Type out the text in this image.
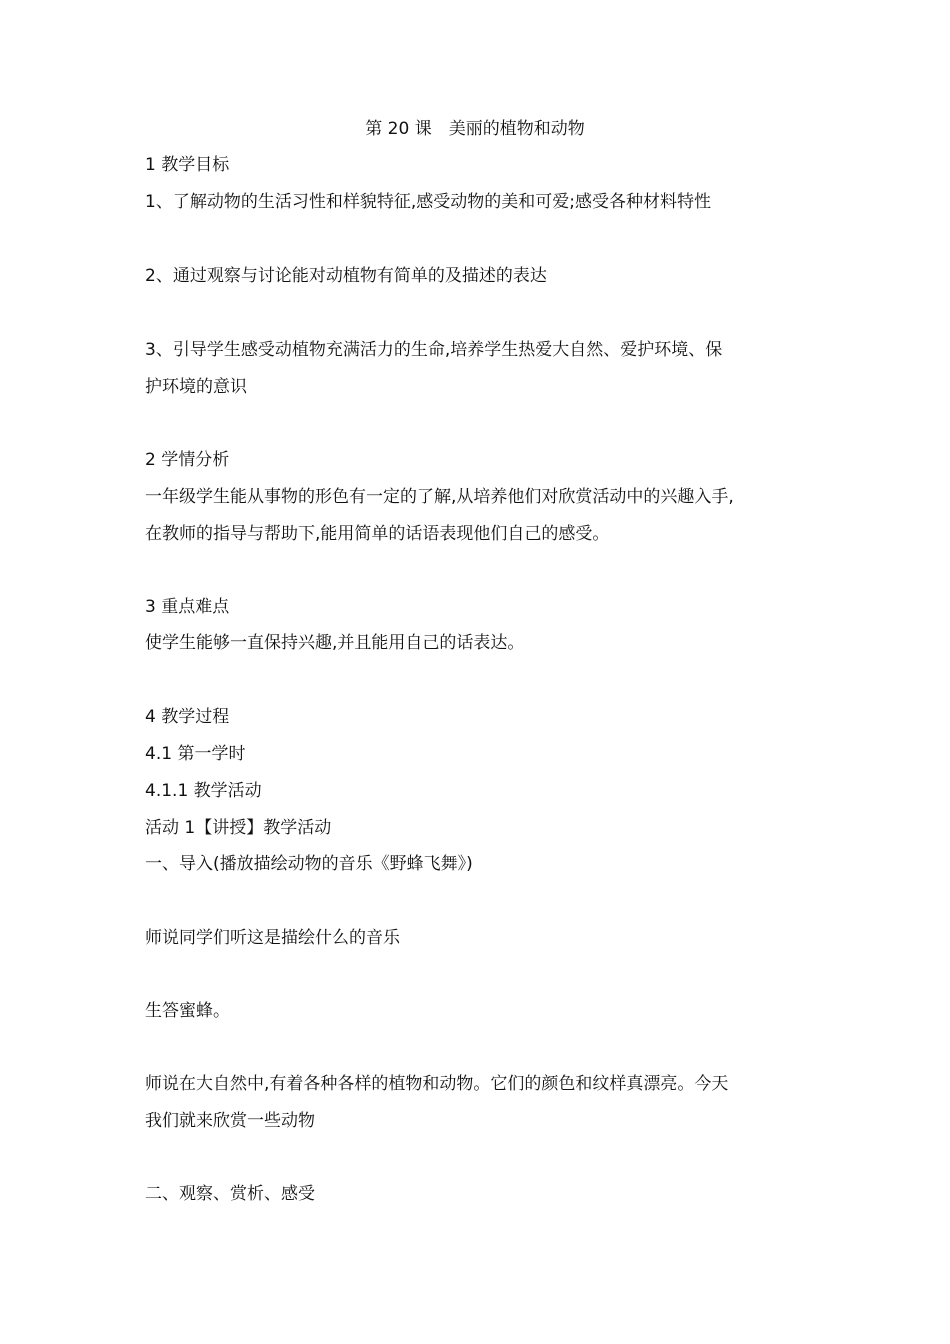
第 20 课　美丽的植物和动物
1 教学目标
1、了解动物的生活习性和样貌特征,感受动物的美和可爱;感受各种材料特性
2、通过观察与讨论能对动植物有简单的及描述的表达
3、引导学生感受动植物充满活力的生命,培养学生热爱大自然、爱护环境、保
护环境的意识
2 学情分析
一年级学生能从事物的形色有一定的了解,从培养他们对欣赏活动中的兴趣入手,
在教师的指导与帮助下,能用简单的话语表现他们自己的感受。
3 重点难点
使学生能够一直保持兴趣,并且能用自己的话表达。
4 教学过程
4.1 第一学时
4.1.1 教学活动
活动 1【讲授】教学活动
一、导入(播放描绘动物的音乐《野蜂飞舞》)
师说同学们听这是描绘什么的音乐
生答蜜蜂。
师说在大自然中,有着各种各样的植物和动物。它们的颜色和纹样真漂亮。今天
我们就来欣赏一些动物
二、观察、赏析、感受
